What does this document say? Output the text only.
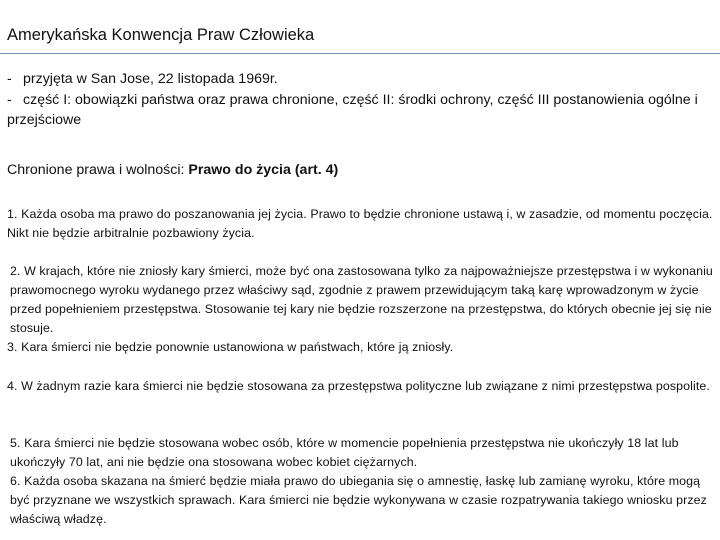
Amerykańska Konwencja Praw Człowieka
- przyjęta w San Jose, 22 listopada 1969r.
- część I: obowiązki państwa oraz prawa chronione, część II: środki ochrony, część III postanowienia ogólne i przejściowe
Chronione prawa i wolności: Prawo do życia (art. 4)

1. Każda osoba ma prawo do poszanowania jej życia. Prawo to będzie chronione ustawą i, w zasadzie, od momentu poczęcia. Nikt nie będzie arbitralnie pozbawiony życia.

2. W krajach, które nie zniosły kary śmierci, może być ona zastosowana tylko za najpoważniejsze przestępstwa i w wykonaniu prawomocnego wyroku wydanego przez właściwy sąd, zgodnie z prawem przewidującym taką karę wprowadzonym w życie przed popełnieniem przestępstwa. Stosowanie tej kary nie będzie rozszerzone na przestępstwa, do których obecnie jej się nie stosuje.

3. Kara śmierci nie będzie ponownie ustanowiona w państwach, które ją zniosły.

4. W żadnym razie kara śmierci nie będzie stosowana za przestępstwa polityczne lub związane z nimi przestępstwa pospolite.

5. Kara śmierci nie będzie stosowana wobec osób, które w momencie popełnienia przestępstwa nie ukończyły 18 lat lub ukończyły 70 lat, ani nie będzie ona stosowana wobec kobiet ciężarnych.

6. Każda osoba skazana na śmierć będzie miała prawo do ubiegania się o amnestię, łaskę lub zamianę wyroku, które mogą być przyznane we wszystkich sprawach. Kara śmierci nie będzie wykonywana w czasie rozpatrywania takiego wniosku przez właściwą władzę.
